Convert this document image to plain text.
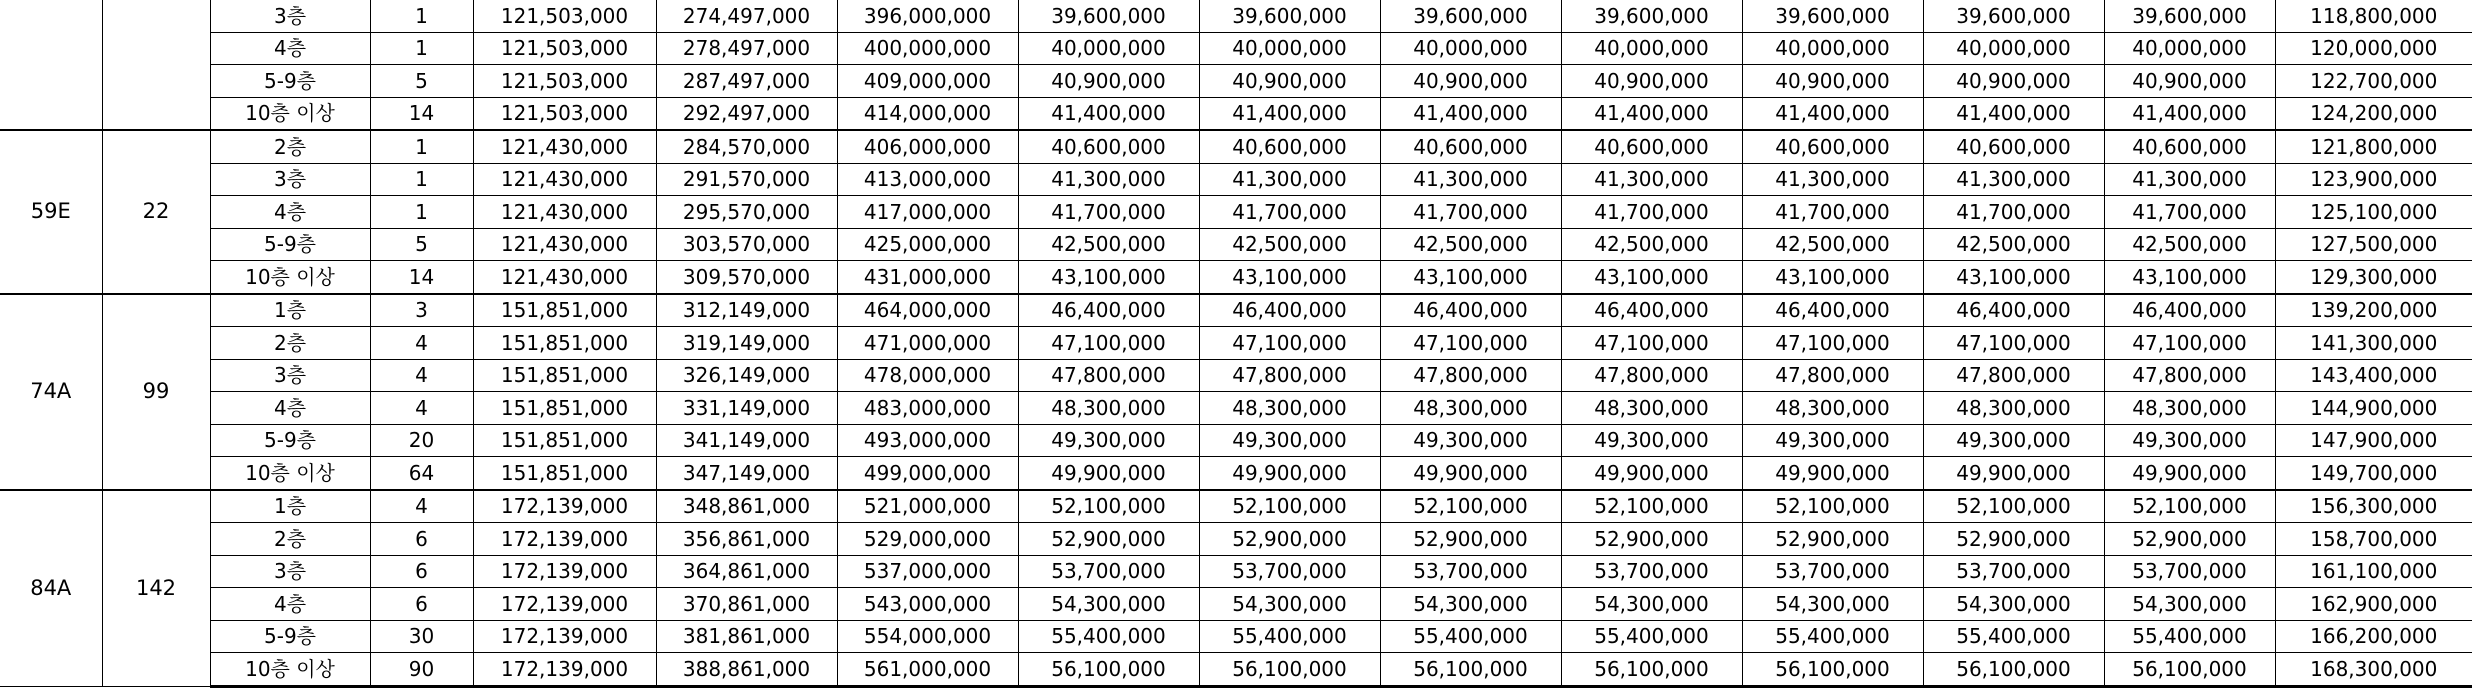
		3층	1	121,503,000	274,497,000	396,000,000	39,600,000	39,600,000	39,600,000	39,600,000	39,600,000	39,600,000	39,600,000	118,800,000
		4층	1	121,503,000	278,497,000	400,000,000	40,000,000	40,000,000	40,000,000	40,000,000	40,000,000	40,000,000	40,000,000	120,000,000
		5-9층	5	121,503,000	287,497,000	409,000,000	40,900,000	40,900,000	40,900,000	40,900,000	40,900,000	40,900,000	40,900,000	122,700,000
		10층 이상	14	121,503,000	292,497,000	414,000,000	41,400,000	41,400,000	41,400,000	41,400,000	41,400,000	41,400,000	41,400,000	124,200,000
59E	22	2층	1	121,430,000	284,570,000	406,000,000	40,600,000	40,600,000	40,600,000	40,600,000	40,600,000	40,600,000	40,600,000	121,800,000
		3층	1	121,430,000	291,570,000	413,000,000	41,300,000	41,300,000	41,300,000	41,300,000	41,300,000	41,300,000	41,300,000	123,900,000
		4층	1	121,430,000	295,570,000	417,000,000	41,700,000	41,700,000	41,700,000	41,700,000	41,700,000	41,700,000	41,700,000	125,100,000
		5-9층	5	121,430,000	303,570,000	425,000,000	42,500,000	42,500,000	42,500,000	42,500,000	42,500,000	42,500,000	42,500,000	127,500,000
		10층 이상	14	121,430,000	309,570,000	431,000,000	43,100,000	43,100,000	43,100,000	43,100,000	43,100,000	43,100,000	43,100,000	129,300,000
74A	99	1층	3	151,851,000	312,149,000	464,000,000	46,400,000	46,400,000	46,400,000	46,400,000	46,400,000	46,400,000	46,400,000	139,200,000
		2층	4	151,851,000	319,149,000	471,000,000	47,100,000	47,100,000	47,100,000	47,100,000	47,100,000	47,100,000	47,100,000	141,300,000
		3층	4	151,851,000	326,149,000	478,000,000	47,800,000	47,800,000	47,800,000	47,800,000	47,800,000	47,800,000	47,800,000	143,400,000
		4층	4	151,851,000	331,149,000	483,000,000	48,300,000	48,300,000	48,300,000	48,300,000	48,300,000	48,300,000	48,300,000	144,900,000
		5-9층	20	151,851,000	341,149,000	493,000,000	49,300,000	49,300,000	49,300,000	49,300,000	49,300,000	49,300,000	49,300,000	147,900,000
		10층 이상	64	151,851,000	347,149,000	499,000,000	49,900,000	49,900,000	49,900,000	49,900,000	49,900,000	49,900,000	49,900,000	149,700,000
84A	142	1층	4	172,139,000	348,861,000	521,000,000	52,100,000	52,100,000	52,100,000	52,100,000	52,100,000	52,100,000	52,100,000	156,300,000
		2층	6	172,139,000	356,861,000	529,000,000	52,900,000	52,900,000	52,900,000	52,900,000	52,900,000	52,900,000	52,900,000	158,700,000
		3층	6	172,139,000	364,861,000	537,000,000	53,700,000	53,700,000	53,700,000	53,700,000	53,700,000	53,700,000	53,700,000	161,100,000
		4층	6	172,139,000	370,861,000	543,000,000	54,300,000	54,300,000	54,300,000	54,300,000	54,300,000	54,300,000	54,300,000	162,900,000
		5-9층	30	172,139,000	381,861,000	554,000,000	55,400,000	55,400,000	55,400,000	55,400,000	55,400,000	55,400,000	55,400,000	166,200,000
		10층 이상	90	172,139,000	388,861,000	561,000,000	56,100,000	56,100,000	56,100,000	56,100,000	56,100,000	56,100,000	56,100,000	168,300,000
